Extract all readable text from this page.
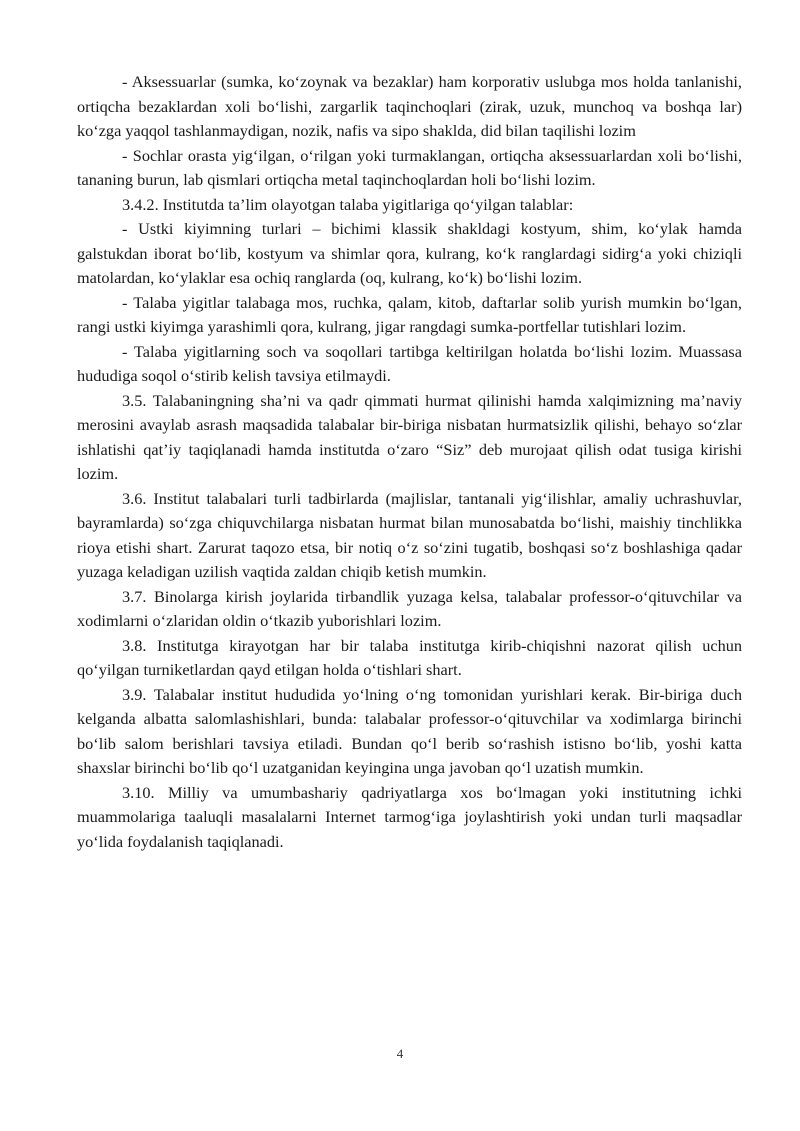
- Aksessuarlar (sumka, ko‘zoynak va bezaklar) ham korporativ uslubga mos holda tanlanishi, ortiqcha bezaklardan xoli bo‘lishi, zargarlik taqinchoqlari (zirak, uzuk, munchoq va boshqa lar) ko‘zga yaqqol tashlanmaydigan, nozik, nafis va sipo shaklda, did bilan taqilishi lozim

- Sochlar orasta yig‘ilgan, o‘rilgan yoki turmaklangan, ortiqcha aksessuarlardan xoli bo‘lishi, tananing burun, lab qismlari ortiqcha metal taqinchoqlardan holi bo‘lishi lozim.

3.4.2. Institutda ta’lim olayotgan talaba yigitlariga qo‘yilgan talablar:

- Ustki kiyimning turlari – bichimi klassik shakldagi kostyum, shim, ko‘ylak hamda galstukdan iborat bo‘lib, kostyum va shimlar qora, kulrang, ko‘k ranglardagi sidirg‘a yoki chiziqli matolardan, ko‘ylaklar esa ochiq ranglarda (oq, kulrang, ko‘k) bo‘lishi lozim.

- Talaba yigitlar talabaga mos, ruchka, qalam, kitob, daftarlar solib yurish mumkin bo‘lgan, rangi ustki kiyimga yarashimli qora, kulrang, jigar rangdagi sumka-portfellar tutishlari lozim.

- Talaba yigitlarning soch va soqollari tartibga keltirilgan holatda bo‘lishi lozim. Muassasa hududiga soqol o‘stirib kelish tavsiya etilmaydi.

3.5. Talabaningning sha’ni va qadr qimmati hurmat qilinishi hamda xalqimizning ma’naviy merosini avaylab asrash maqsadida talabalar bir-biriga nisbatan hurmatsizlik qilishi, behayo so‘zlar ishlatishi qat’iy taqiqlanadi hamda institutda o‘zaro “Siz” deb murojaat qilish odat tusiga kirishi lozim.

3.6. Institut talabalari turli tadbirlarda (majlislar, tantanali yig‘ilishlar, amaliy uchrashuvlar, bayramlarda) so‘zga chiquvchilarga nisbatan hurmat bilan munosabatda bo‘lishi, maishiy tinchlikka rioya etishi shart. Zarurat taqozo etsa, bir notiq o‘z so‘zini tugatib, boshqasi so‘z boshlashiga qadar yuzaga keladigan uzilish vaqtida zaldan chiqib ketish mumkin.

3.7. Binolarga kirish joylarida tirbandlik yuzaga kelsa, talabalar professor-o‘qituvchilar va xodimlarni o‘zlaridan oldin o‘tkazib yuborishlari lozim.

3.8. Institutga kirayotgan har bir talaba institutga kirib-chiqishni nazorat qilish uchun qo‘yilgan turniketlardan qayd etilgan holda o‘tishlari shart.

3.9. Talabalar institut hududida yo‘lning o‘ng tomonidan yurishlari kerak. Bir-biriga duch kelganda albatta salomlashishlari, bunda: talabalar professor-o‘qituvchilar va xodimlarga birinchi bo‘lib salom berishlari tavsiya etiladi. Bundan qo‘l berib so‘rashish istisno bo‘lib, yoshi katta shaxslar birinchi bo‘lib qo‘l uzatganidan keyingina unga javoban qo‘l uzatish mumkin.

3.10. Milliy va umumbashariy qadriyatlarga xos bo‘lmagan yoki institutning ichki muammolariga taaluqli masalalarni Internet tarmog‘iga joylashtirish yoki undan turli maqsadlar yo‘lida foydalanish taqiqlanadi.

4
